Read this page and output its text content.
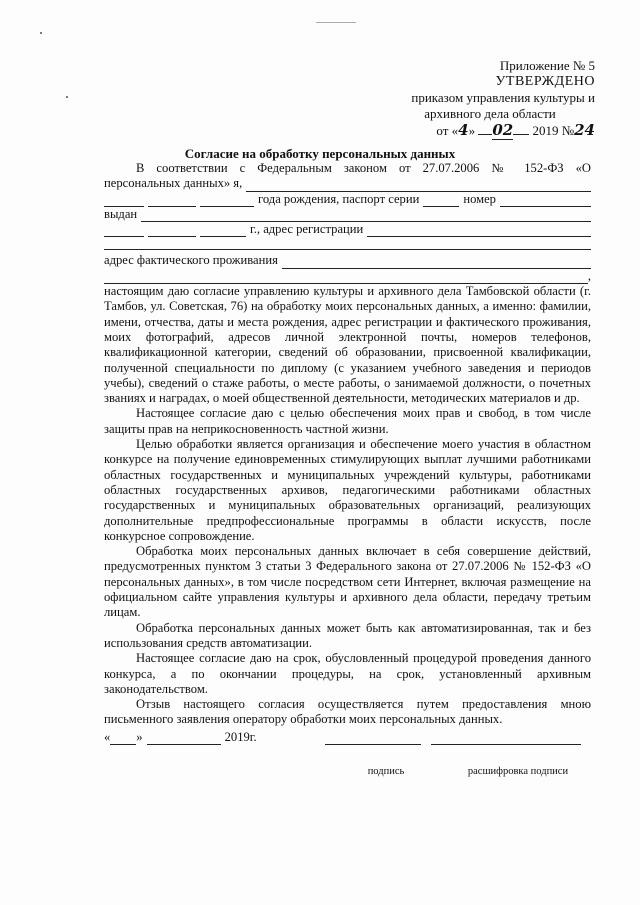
Приложение № 5
УТВЕРЖДЕНО
приказом управления культуры и
архивного дела области
от «4» 02 2019 №24
Согласие на обработку персональных данных

В соответствии с Федеральным законом от 27.07.2006 № 152-ФЗ «О

персональных данных» я,
года рождения, паспорт серии	номер
выдан
г., адрес регистрации
адрес фактического проживания
,

настоящим даю согласие управлению культуры и архивного дела Тамбовской области (г. Тамбов, ул. Советская, 76) на обработку моих персональных данных, а именно: фамилии, имени, отчества, даты и места рождения, адрес регистрации и фактического проживания, моих фотографий, адресов личной электронной почты, номеров телефонов, квалификационной категории, сведений об образовании, присвоенной квалификации, полученной специальности по диплому (с указанием учебного заведения и периодов учебы), сведений о стаже работы, о месте работы, о занимаемой должности, о почетных званиях и наградах, о моей общественной деятельности, методических материалов и др.

Настоящее согласие даю с целью обеспечения моих прав и свобод, в том числе защиты прав на неприкосновенность частной жизни.

Целью обработки является организация и обеспечение моего участия в областном конкурсе на получение единовременных стимулирующих выплат лучшими работниками областных государственных и муниципальных учреждений культуры, работниками областных государственных архивов, педагогическими работниками областных государственных и муниципальных образовательных организаций, реализующих дополнительные предпрофессиональные программы в области искусств, после конкурсное сопровождение.

Обработка моих персональных данных включает в себя совершение действий, предусмотренных пунктом 3 статьи 3 Федерального закона от 27.07.2006 № 152-ФЗ «О персональных данных», в том числе посредством сети Интернет, включая размещение на официальном сайте управления культуры и архивного дела области, передачу третьим лицам.

Обработка персональных данных может быть как автоматизированная, так и без использования средств автоматизации.

Настоящее согласие даю на срок, обусловленный процедурой проведения данного конкурса, а по окончании процедуры, на срок, установленный архивным законодательством.

Отзыв настоящего согласия осуществляется путем предоставления мною письменного заявления оператору обработки моих персональных данных.

« »	2019г.
подпись	расшифровка подписи
